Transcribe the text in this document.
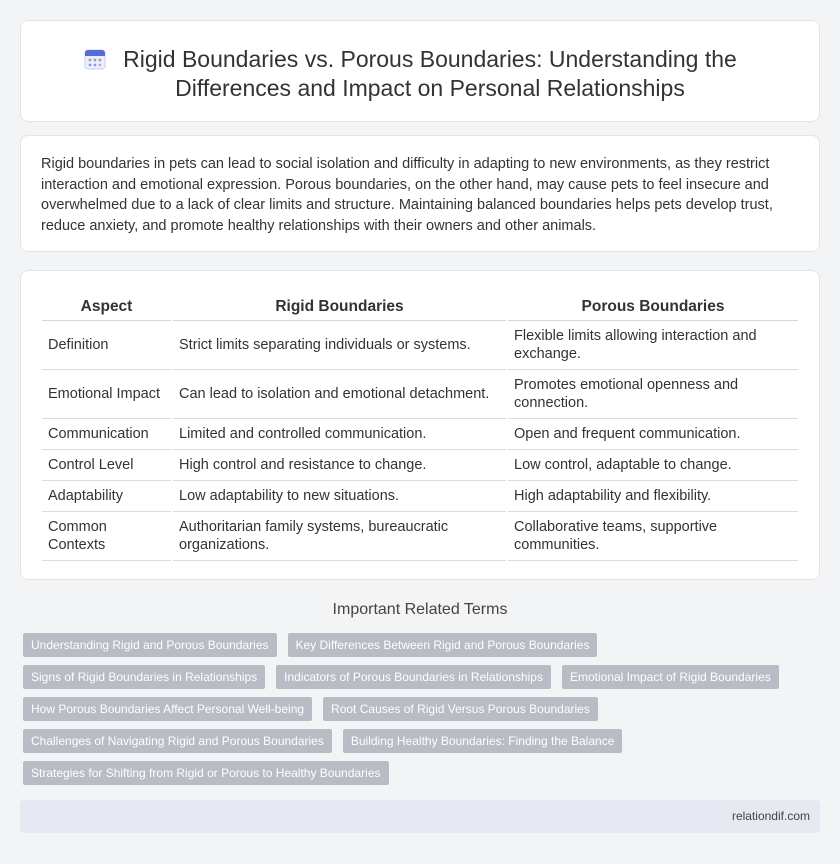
Rigid Boundaries vs. Porous Boundaries: Understanding the Differences and Impact on Personal Relationships

Rigid boundaries in pets can lead to social isolation and difficulty in adapting to new environments, as they restrict interaction and emotional expression. Porous boundaries, on the other hand, may cause pets to feel insecure and overwhelmed due to a lack of clear limits and structure. Maintaining balanced boundaries helps pets develop trust, reduce anxiety, and promote healthy relationships with their owners and other animals.

Aspect	Rigid Boundaries	Porous Boundaries
Definition	Strict limits separating individuals or systems.	Flexible limits allowing interaction and exchange.
Emotional Impact	Can lead to isolation and emotional detachment.	Promotes emotional openness and connection.
Communication	Limited and controlled communication.	Open and frequent communication.
Control Level	High control and resistance to change.	Low control, adaptable to change.
Adaptability	Low adaptability to new situations.	High adaptability and flexibility.
Common Contexts	Authoritarian family systems, bureaucratic organizations.	Collaborative teams, supportive communities.
Important Related Terms
Understanding Rigid and Porous Boundaries Key Differences Between Rigid and Porous Boundaries
Signs of Rigid Boundaries in Relationships Indicators of Porous Boundaries in Relationships Emotional Impact of Rigid Boundaries
How Porous Boundaries Affect Personal Well-being Root Causes of Rigid Versus Porous Boundaries
Challenges of Navigating Rigid and Porous Boundaries Building Healthy Boundaries: Finding the Balance
Strategies for Shifting from Rigid or Porous to Healthy Boundaries
relationdif.com
